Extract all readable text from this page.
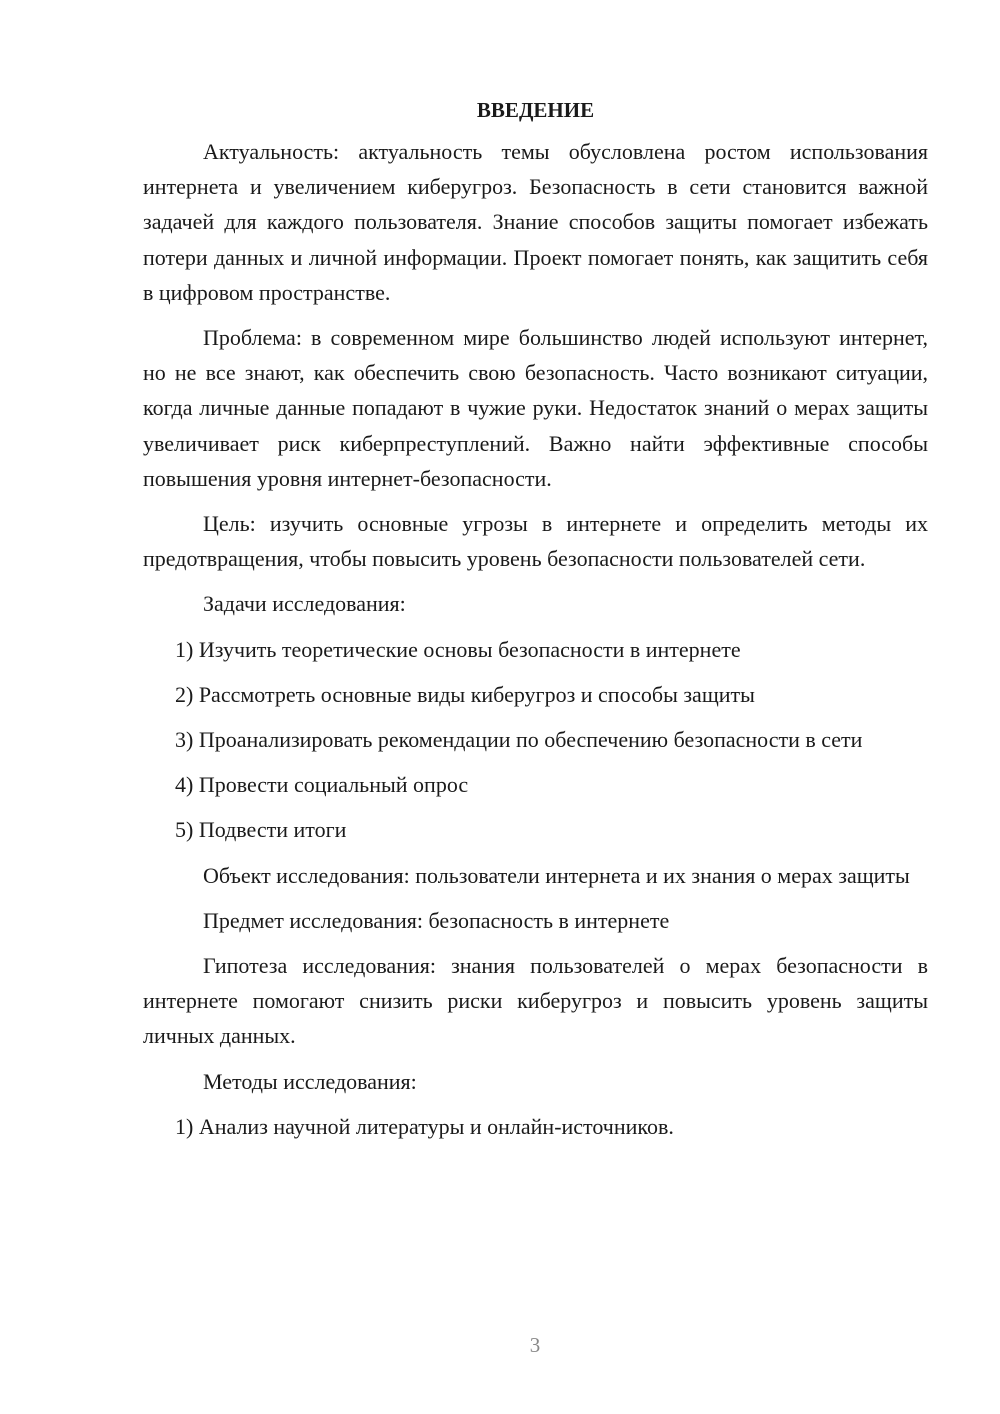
ВВЕДЕНИЕ

Актуальность: актуальность темы обусловлена ростом использования интернета и увеличением киберугроз. Безопасность в сети становится важной задачей для каждого пользователя. Знание способов защиты помогает избежать потери данных и личной информации. Проект помогает понять, как защитить себя в цифровом пространстве.

Проблема: в современном мире большинство людей используют интернет, но не все знают, как обеспечить свою безопасность. Часто возникают ситуации, когда личные данные попадают в чужие руки. Недостаток знаний о мерах защиты увеличивает риск киберпреступлений. Важно найти эффективные способы повышения уровня интернет-безопасности.

Цель: изучить основные угрозы в интернете и определить методы их предотвращения, чтобы повысить уровень безопасности пользователей сети.

Задачи исследования:

1) Изучить теоретические основы безопасности в интернете

2) Рассмотреть основные виды киберугроз и способы защиты

3) Проанализировать рекомендации по обеспечению безопасности в сети

4) Провести социальный опрос

5) Подвести итоги

Объект исследования: пользователи интернета и их знания о мерах защиты

Предмет исследования: безопасность в интернете

Гипотеза исследования: знания пользователей о мерах безопасности в интернете помогают снизить риски киберугроз и повысить уровень защиты личных данных.

Методы исследования:

1) Анализ научной литературы и онлайн-источников.

3
